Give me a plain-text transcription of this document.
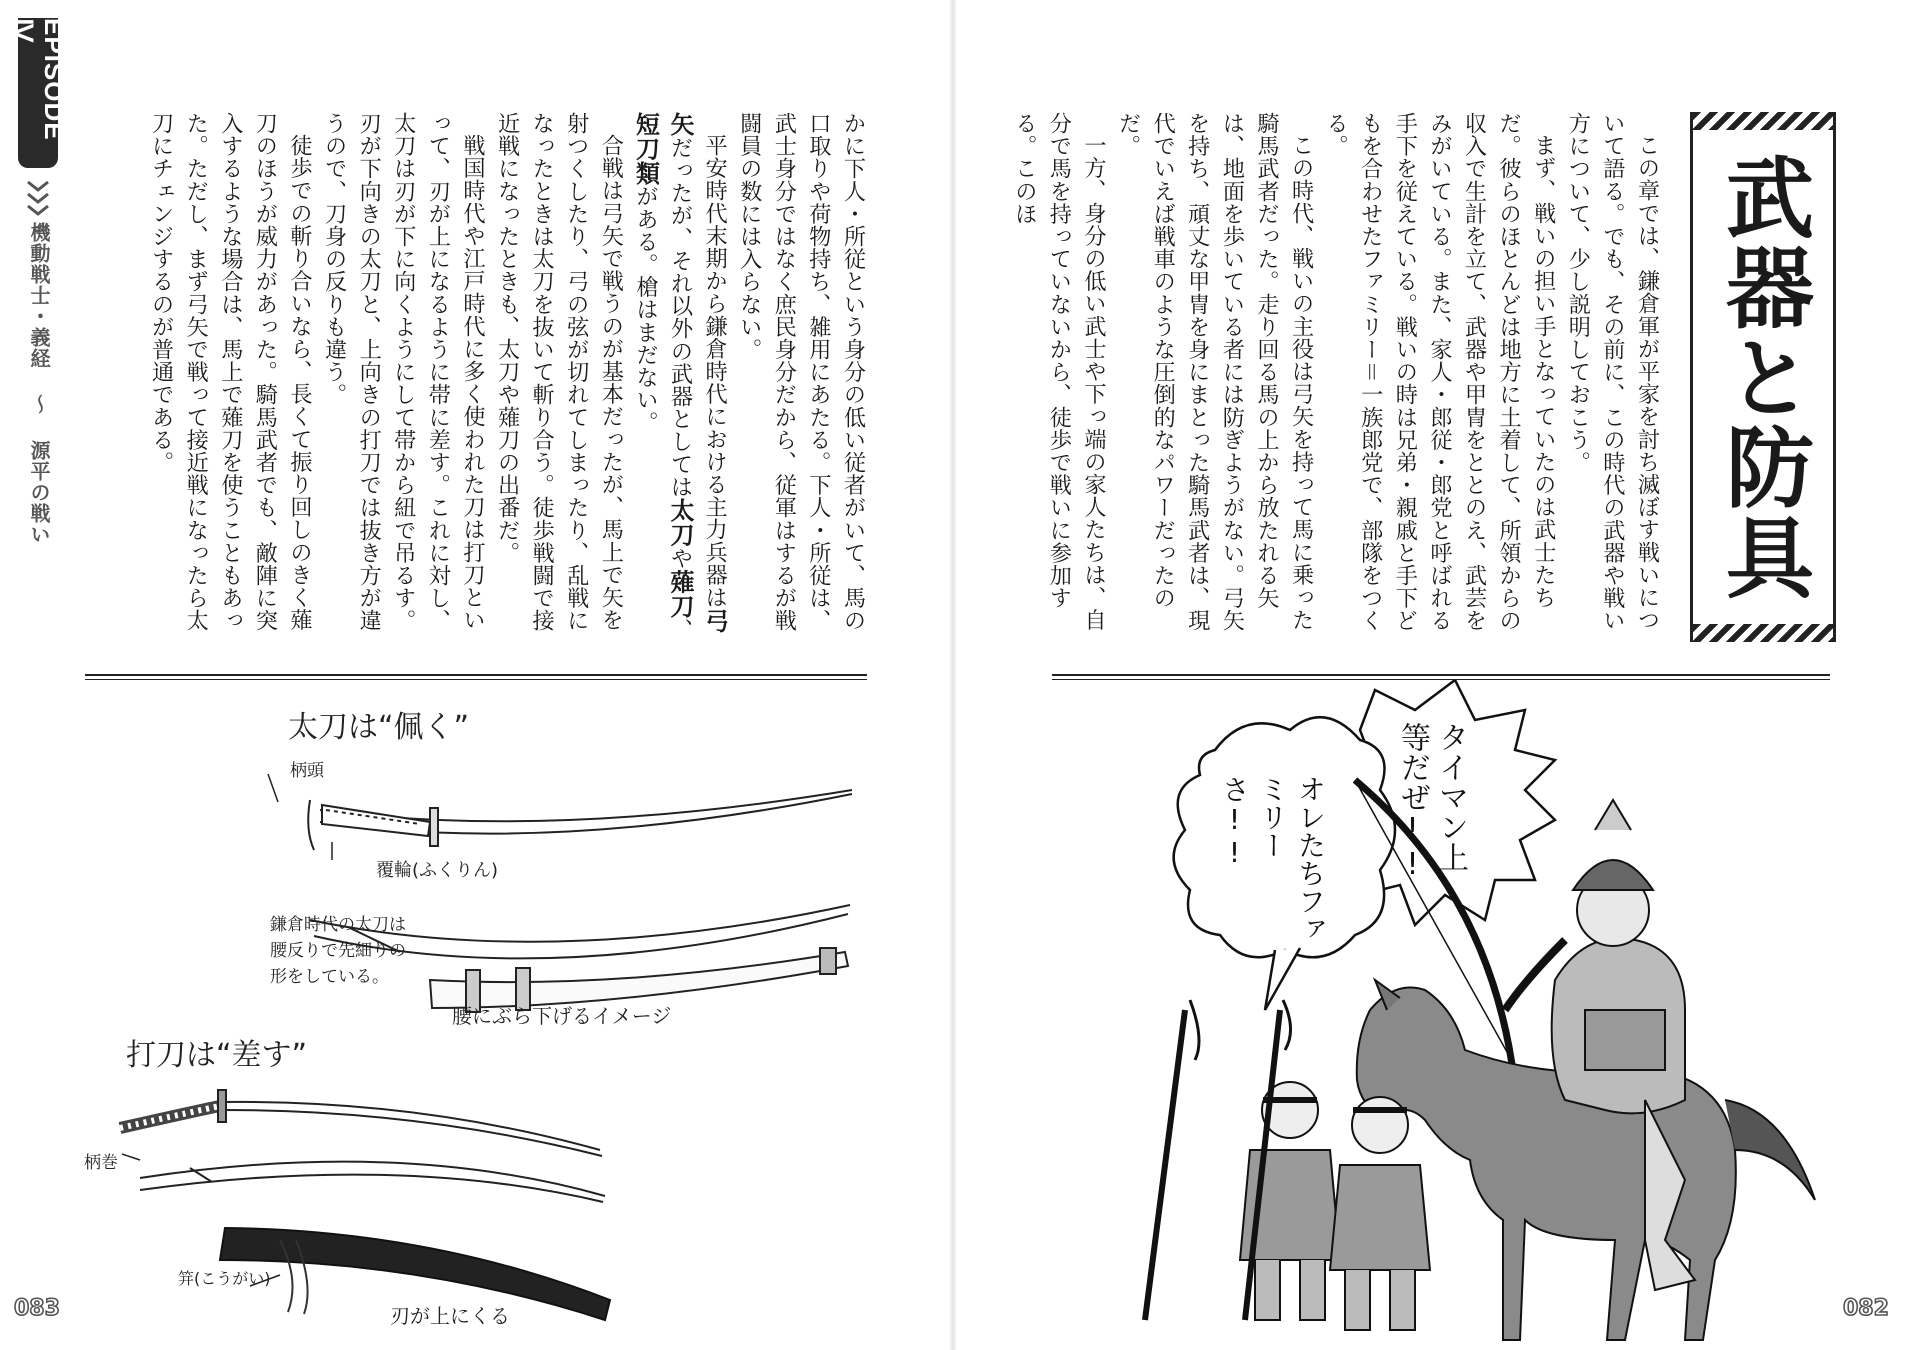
EPISODE Ⅳ
機動戦士・義経 〜 源平の戦い	かに下人・所従という身分の低い従者がいて、馬の口取りや荷物持ち、雑用にあたる。下人・所従は、武士身分ではなく庶民身分だから、従軍はするが戦闘員の数には入らない。

平安時代末期から鎌倉時代における主力兵器は弓矢だったが、それ以外の武器としては太刀や薙刀、短刀類がある。槍はまだない。

合戦は弓矢で戦うのが基本だったが、馬上で矢を射つくしたり、弓の弦が切れてしまったり、乱戦になったときは太刀を抜いて斬り合う。徒歩戦闘で接近戦になったときも、太刀や薙刀の出番だ。

戦国時代や江戸時代に多く使われた刀は打刀といって、刃が上になるように帯に差す。これに対し、太刀は刃が下に向くようにして帯から紐で吊るす。刃が下向きの太刀と、上向きの打刀では抜き方が違うので、刀身の反りも違う。

徒歩での斬り合いなら、長くて振り回しのきく薙刀のほうが威力があった。騎馬武者でも、敵陣に突入するような場合は、馬上で薙刀を使うこともあった。ただし、まず弓矢で戦って接近戦になったら太刀にチェンジするのが普通である。

太刀は“佩く”
柄頭
覆輪(ふくりん)
鎌倉時代の太刀は 腰反りで先細りの 形をしている。
腰にぶら下げるイメージ
打刀は“差す”
柄巻
笄(こうがい)
刃が上にくる
083
武器と防具

この章では、鎌倉軍が平家を討ち滅ぼす戦いについて語る。でも、その前に、この時代の武器や戦い方について、少し説明しておこう。

まず、戦いの担い手となっていたのは武士たちだ。彼らのほとんどは地方に土着して、所領からの収入で生計を立て、武器や甲冑をととのえ、武芸をみがいている。また、家人・郎従・郎党と呼ばれる手下を従えている。戦いの時は兄弟・親戚と手下どもを合わせたファミリー＝一族郎党で、部隊をつくる。

この時代、戦いの主役は弓矢を持って馬に乗った騎馬武者だった。走り回る馬の上から放たれる矢は、地面を歩いている者には防ぎようがない。弓矢を持ち、頑丈な甲冑を身にまとった騎馬武者は、現代でいえば戦車のような圧倒的なパワーだったのだ。

一方、身分の低い武士や下っ端の家人たちは、自分で馬を持っていないから、徒歩で戦いに参加する。このほ

タイマン上等だぜ!!
オレたちファミリーさ!!
082
